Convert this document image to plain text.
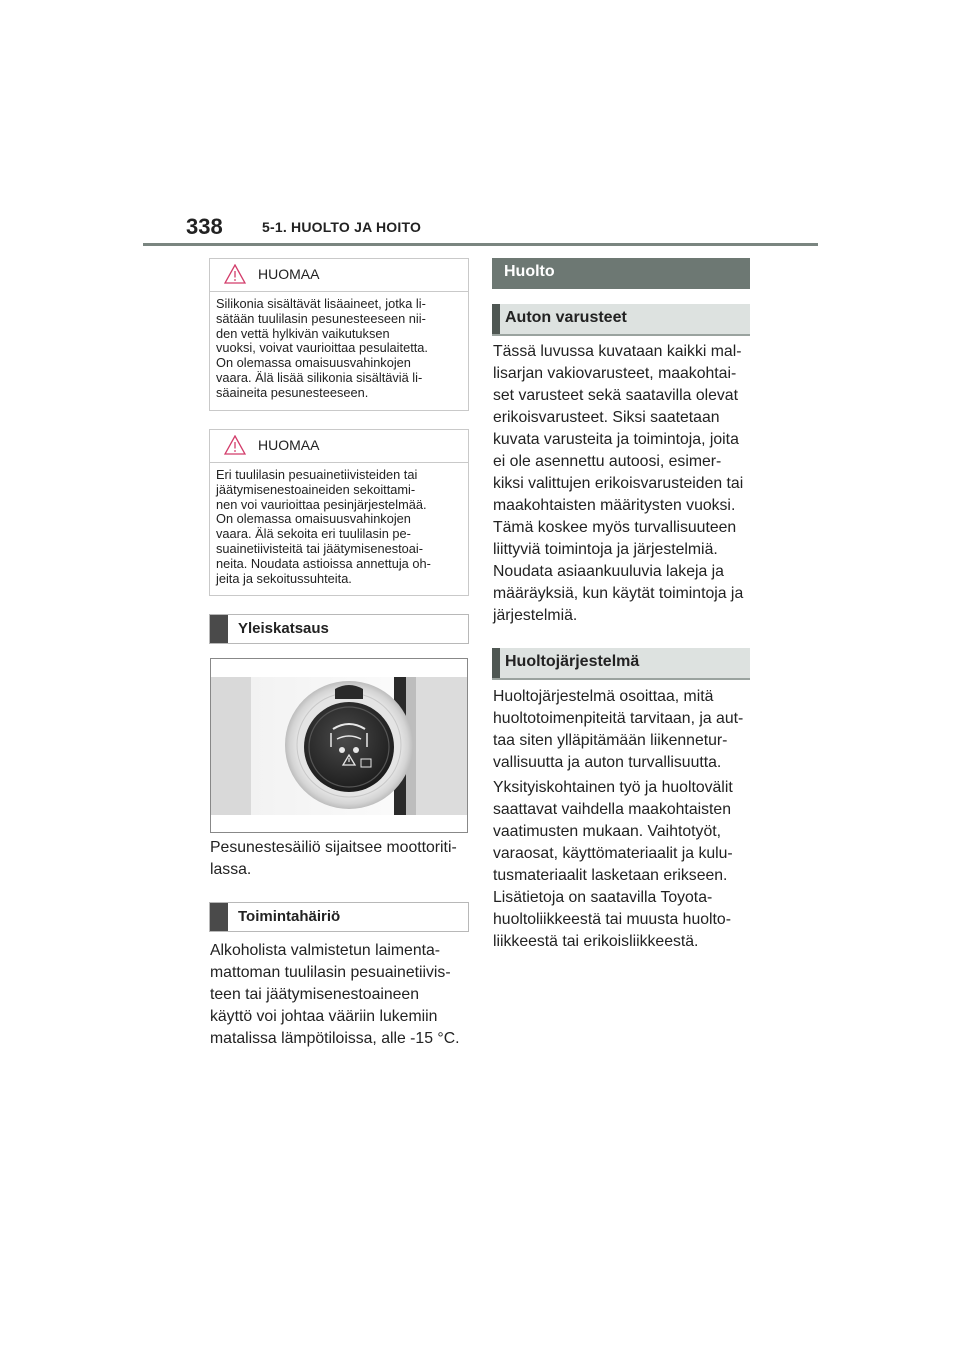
338	5-1. HUOLTO JA HOITO
HUOMAA
Silikonia sisältävät lisäaineet, jotka li-
sätään tuulilasin pesunesteeseen nii-
den vettä hylkivän vaikutuksen
vuoksi, voivat vaurioittaa pesulaitetta.
On olemassa omaisuusvahinkojen
vaara. Älä lisää silikonia sisältäviä li-
säaineita pesunesteeseen.
HUOMAA
Eri tuulilasin pesuainetiivisteiden tai
jäätymisenestoaineiden sekoittami-
nen voi vaurioittaa pesinjärjestelmää.
On olemassa omaisuusvahinkojen
vaara. Älä sekoita eri tuulilasin pe-
suainetiivisteitä tai jäätymisenestoai-
neita. Noudata astioissa annettuja oh-
jeita ja sekoitussuhteita.
Yleiskatsaus
Pesunestesäiliö sijaitsee moottoriti-
lassa.
Toimintahäiriö
Alkoholista valmistetun laimenta-
mattoman tuulilasin pesuainetiivis-
teen tai jäätymisenestoaineen
käyttö voi johtaa vääriin lukemiin
matalissa lämpötiloissa, alle -15 °C.
Huolto
Auton varusteet
Tässä luvussa kuvataan kaikki mal-
lisarjan vakiovarusteet, maakohtai-
set varusteet sekä saatavilla olevat
erikoisvarusteet. Siksi saatetaan
kuvata varusteita ja toimintoja, joita
ei ole asennettu autoosi, esimer-
kiksi valittujen erikoisvarusteiden tai
maakohtaisten määritysten vuoksi.
Tämä koskee myös turvallisuuteen
liittyviä toimintoja ja järjestelmiä.
Noudata asiaankuuluvia lakeja ja
määräyksiä, kun käytät toimintoja ja
järjestelmiä.
Huoltojärjestelmä
Huoltojärjestelmä osoittaa, mitä
huoltotoimenpiteitä tarvitaan, ja aut-
taa siten ylläpitämään liikennetur-
vallisuutta ja auton turvallisuutta.
Yksityiskohtainen työ ja huoltovälit
saattavat vaihdella maakohtaisten
vaatimusten mukaan. Vaihtotyöt,
varaosat, käyttömateriaalit ja kulu-
tusmateriaalit lasketaan erikseen.
Lisätietoja on saatavilla Toyota-
huoltoliikkeestä tai muusta huolto-
liikkeestä tai erikoisliikkeestä.
